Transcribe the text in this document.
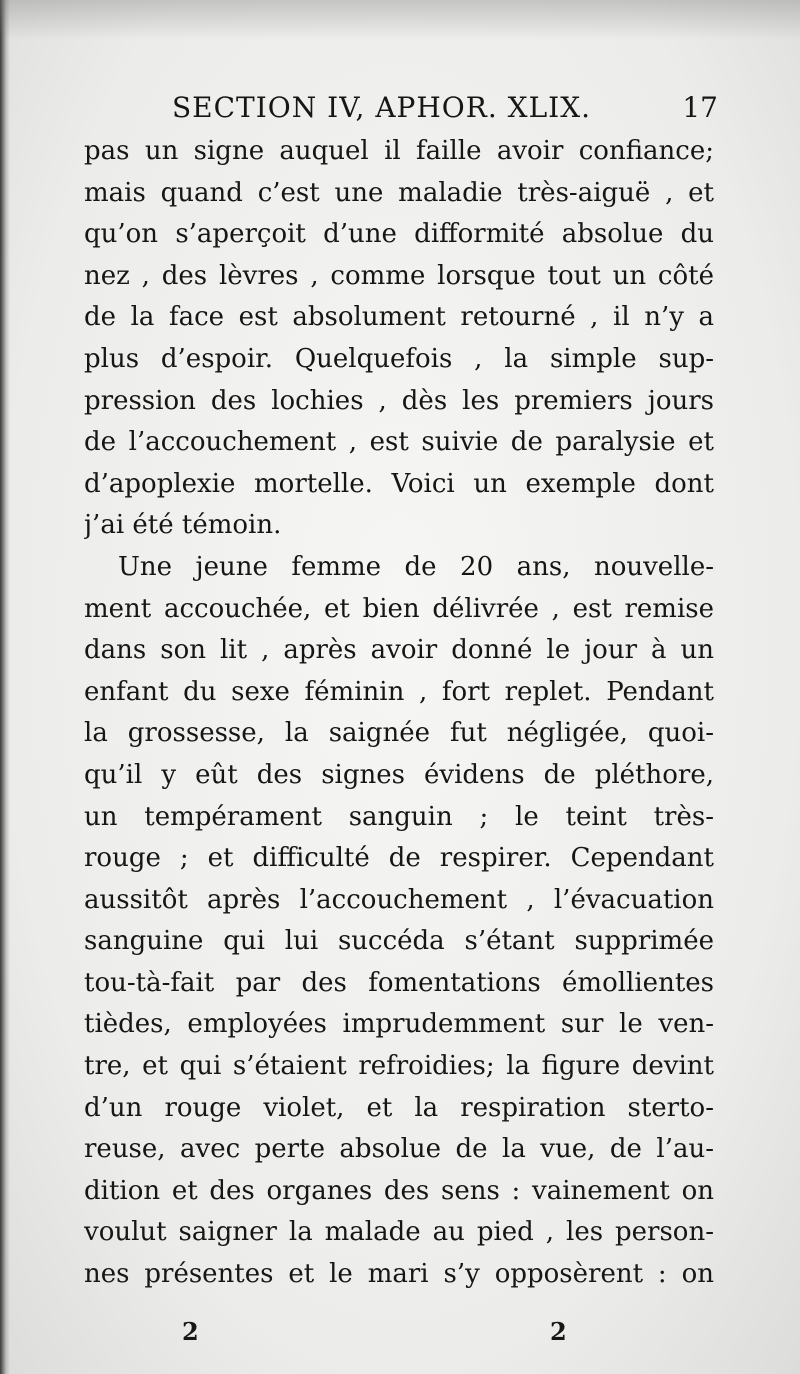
SECTION IV, APHOR. XLIX.	17
pas un signe auquel il faille avoir confiance;
mais quand c’est une maladie très-aiguë , et
qu’on s’aperçoit d’une difformité absolue du
nez , des lèvres , comme lorsque tout un côté
de la face est absolument retourné , il n’y a
plus d’espoir. Quelquefois , la simple sup-
pression des lochies , dès les premiers jours
de l’accouchement , est suivie de paralysie et
d’apoplexie mortelle. Voici un exemple dont
j’ai été témoin.
Une jeune femme de 20 ans, nouvelle-
ment accouchée, et bien délivrée , est remise
dans son lit , après avoir donné le jour à un
enfant du sexe féminin , fort replet. Pendant
la grossesse, la saignée fut négligée, quoi-
qu’il y eût des signes évidens de pléthore,
un tempérament sanguin ; le teint très-
rouge ; et difficulté de respirer. Cependant
aussitôt après l’accouchement , l’évacuation
sanguine qui lui succéda s’étant supprimée
tou-tà-fait par des fomentations émollientes
tièdes, employées imprudemment sur le ven-
tre, et qui s’étaient refroidies; la figure devint
d’un rouge violet, et la respiration sterto-
reuse, avec perte absolue de la vue, de l’au-
dition et des organes des sens : vainement on
voulut saigner la malade au pied , les person-
nes présentes et le mari s’y opposèrent : on
2	2
